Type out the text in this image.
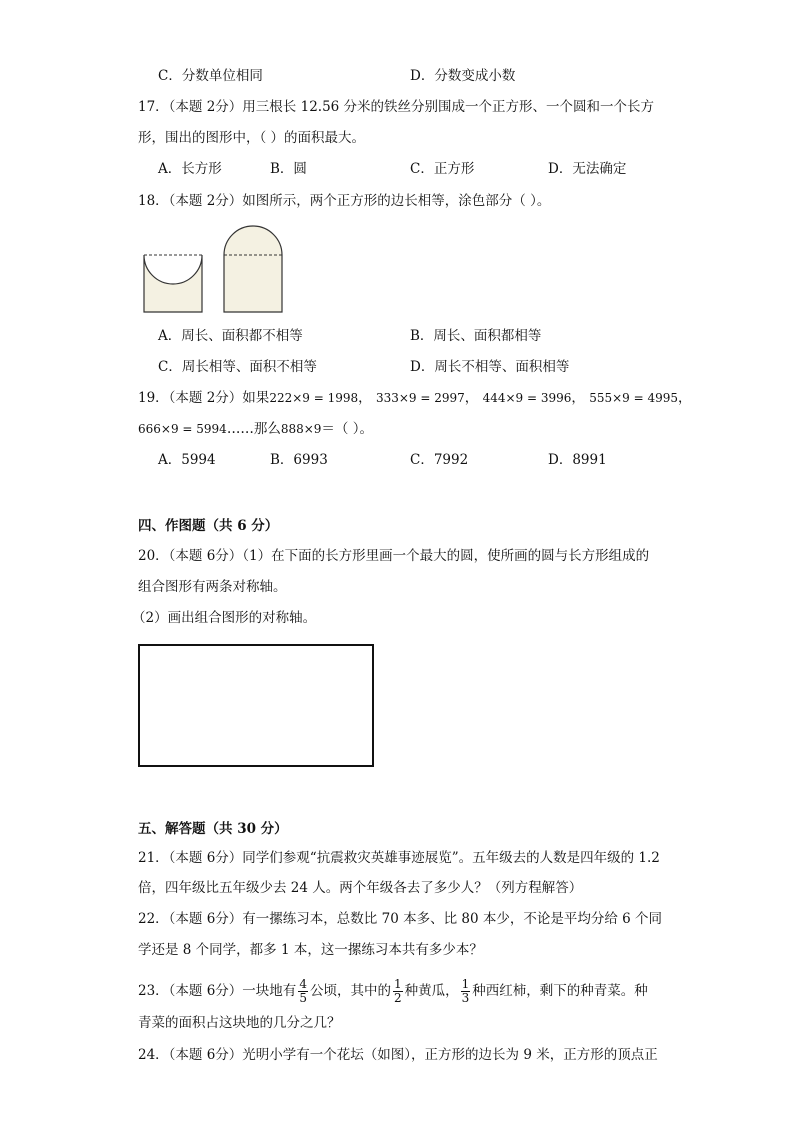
C．分数单位相同	D．分数变成小数
17．（本题 2分）用三根长 12.56 分米的铁丝分别围成一个正方形、一个圆和一个长方
形，围出的图形中，（ ）的面积最大。
A．长方形	B．圆	C．正方形	D．无法确定
18．（本题 2分）如图所示，两个正方形的边长相等，涂色部分（ ）。
A．周长、面积都不相等	B．周长、面积都相等
C．周长相等、面积不相等	D．周长不相等、面积相等
19．（本题 2分）如果222×9 = 1998， 333×9 = 2997， 444×9 = 3996， 555×9 = 4995，
666×9 = 5994……那么888×9＝（ ）。
A．5994	B．6993	C．7992	D．8991
四、作图题（共 6 分）
20．（本题 6分）（1）在下面的长方形里画一个最大的圆，使所画的圆与长方形组成的
组合图形有两条对称轴。
（2）画出组合图形的对称轴。
五、解答题（共 30 分）
21．（本题 6分）同学们参观“抗震救灾英雄事迹展览”。五年级去的人数是四年级的 1.2
倍，四年级比五年级少去 24 人。两个年级各去了多少人？（列方程解答）
22．（本题 6分）有一摞练习本，总数比 70 本多、比 80 本少，不论是平均分给 6 个同
学还是 8 个同学，都多 1 本，这一摞练习本共有多少本？
23．（本题 6分）一块地有 $\frac{4}{5}$ 公顷，其中的 $\frac{1}{2}$ 种黄瓜， $\frac{1}{3}$ 种西红柿，剩下的种青菜。种
青菜的面积占这块地的几分之几？
24．（本题 6分）光明小学有一个花坛（如图），正方形的边长为 9 米，正方形的顶点正
